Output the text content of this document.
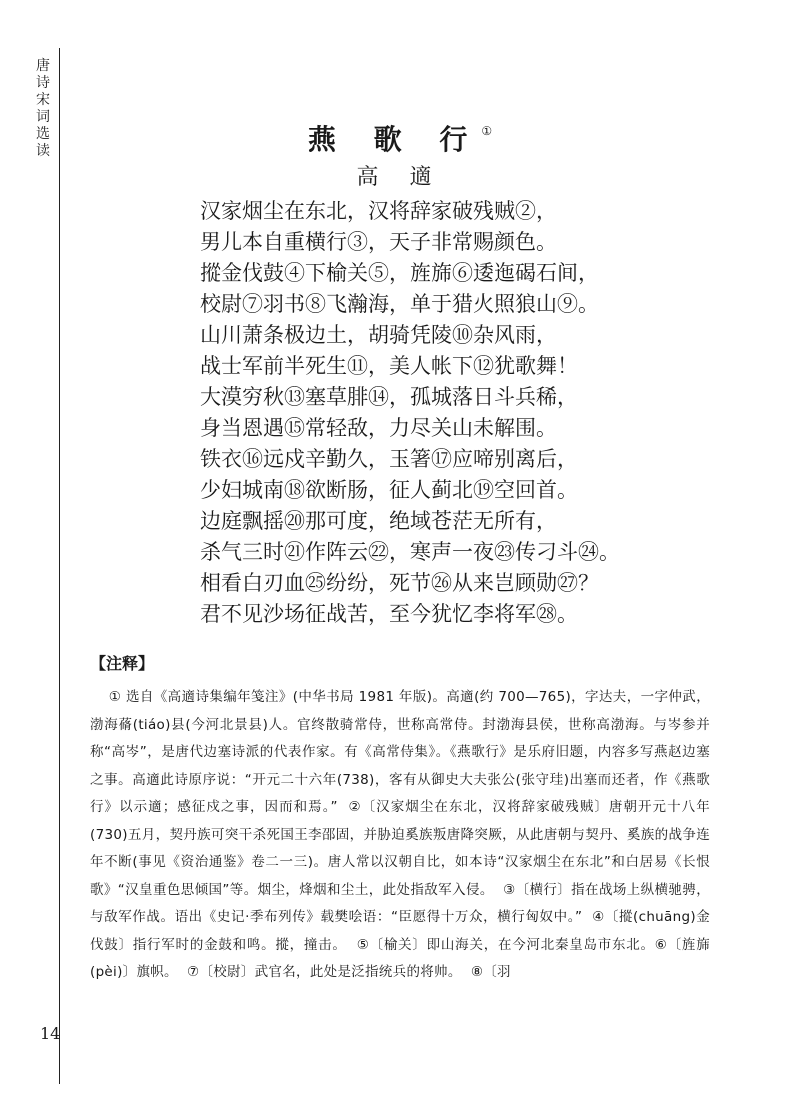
唐
诗
宋
词
选
读	燕 歌 行①
高 適
汉家烟尘在东北，汉将辞家破残贼②，
男儿本自重横行③，天子非常赐颜色。
摐金伐鼓④下榆关⑤，旌旆⑥逶迤碣石间，
校尉⑦羽书⑧飞瀚海，单于猎火照狼山⑨。
山川萧条极边土，胡骑凭陵⑩杂风雨，
战士军前半死生⑪，美人帐下⑫犹歌舞！
大漠穷秋⑬塞草腓⑭，孤城落日斗兵稀，
身当恩遇⑮常轻敌，力尽关山未解围。
铁衣⑯远戍辛勤久，玉箸⑰应啼别离后，
少妇城南⑱欲断肠，征人蓟北⑲空回首。
边庭飘摇⑳那可度，绝域苍茫无所有，
杀气三时㉑作阵云㉒，寒声一夜㉓传刁斗㉔。
相看白刃血㉕纷纷，死节㉖从来岂顾勋㉗？
君不见沙场征战苦，至今犹忆李将军㉘。
【注释】
① 选自《高適诗集编年笺注》(中华书局 1981 年版)。高適(约 700—765)，字达夫，一字仲武，渤海蓨(tiáo)县(今河北景县)人。官终散骑常侍，世称高常侍。封渤海县侯，世称高渤海。与岑参并称“高岑”，是唐代边塞诗派的代表作家。有《高常侍集》。《燕歌行》是乐府旧题，内容多写燕赵边塞之事。高適此诗原序说：“开元二十六年(738)，客有从御史大夫张公(张守珪)出塞而还者，作《燕歌行》以示適；感征戍之事，因而和焉。”  ②〔汉家烟尘在东北，汉将辞家破残贼〕唐朝开元十八年(730)五月，契丹族可突干杀死国王李邵固，并胁迫奚族叛唐降突厥，从此唐朝与契丹、奚族的战争连年不断(事见《资治通鉴》卷二一三)。唐人常以汉朝自比，如本诗“汉家烟尘在东北”和白居易《长恨歌》“汉皇重色思倾国”等。烟尘，烽烟和尘土，此处指敌军入侵。  ③〔横行〕指在战场上纵横驰骋，与敌军作战。语出《史记·季布列传》载樊哙语：“臣愿得十万众，横行匈奴中。”  ④〔摐(chuāng)金伐鼓〕指行军时的金鼓和鸣。摐，撞击。  ⑤〔榆关〕即山海关，在今河北秦皇岛市东北。⑥〔旌旆(pèi)〕旗帜。  ⑦〔校尉〕武官名，此处是泛指统兵的将帅。  ⑧〔羽
14
